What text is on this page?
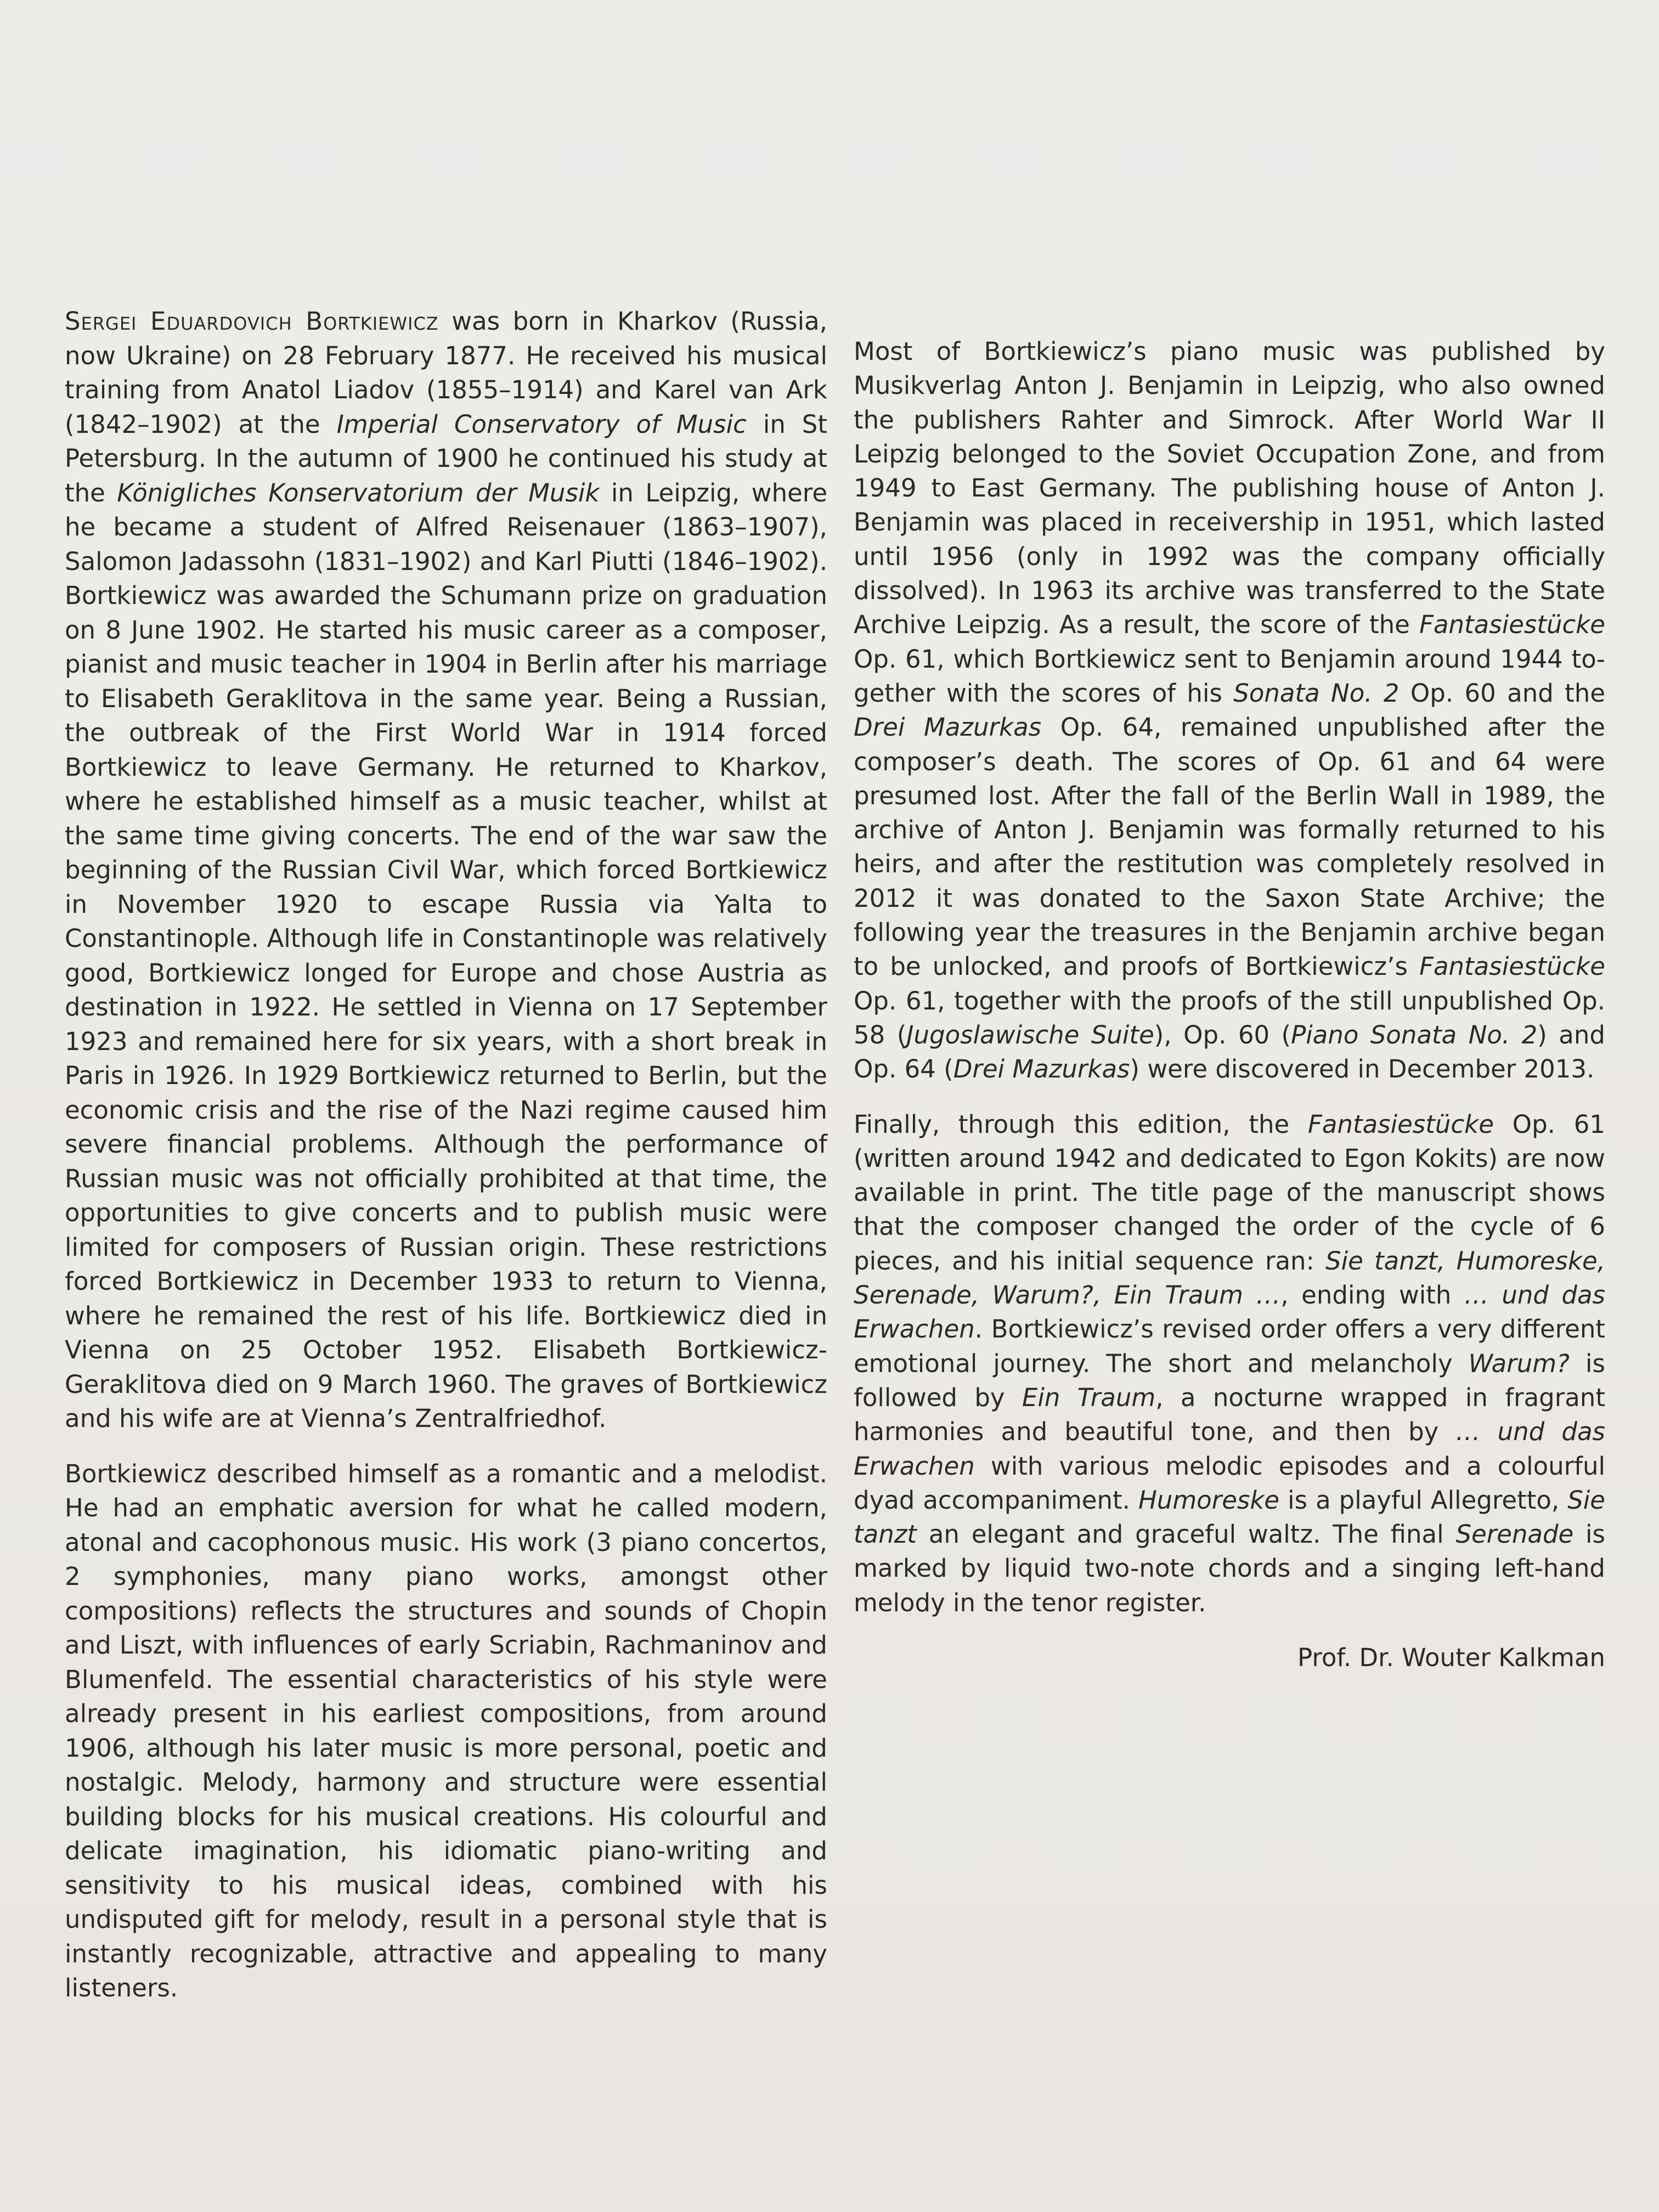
Sergei Eduardovich Bortkiewicz was born in Kharkov (Russia, now Ukraine) on 28 February 1877. He received his musical training from Anatol Liadov (1855–1914) and Karel van Ark (1842–1902) at the Imperial Conservatory of Music in St Petersburg. In the autumn of 1900 he continued his study at the Königliches Konservatorium der Musik in Leipzig, where he became a student of Alfred Reisenauer (1863–1907), Salomon Jadassohn (1831–1902) and Karl Piutti (1846–1902). Bortkiewicz was awarded the Schumann prize on graduation on 8 June 1902. He started his music career as a composer, pianist and music teacher in 1904 in Berlin after his marriage to Elisabeth Geraklitova in the same year. Being a Russian, the outbreak of the First World War in 1914 forced Bortkiewicz to leave Germany. He returned to Kharkov, where he established himself as a music teacher, whilst at the same time giving concerts. The end of the war saw the beginning of the Russian Civil War, which forced Bortkiewicz in November 1920 to escape Russia via Yalta to Constantinople. Although life in Constantinople was relatively good, Bortkiewicz longed for Europe and chose Austria as destination in 1922. He settled in Vienna on 17 September 1923 and remained here for six years, with a short break in Paris in 1926. In 1929 Bortkiewicz returned to Berlin, but the economic crisis and the rise of the Nazi regime caused him severe financial problems. Although the performance of Russian music was not officially prohibited at that time, the opportunities to give concerts and to publish music were limited for composers of Russian origin. These restrictions forced Bortkiewicz in December 1933 to return to Vienna, where he remained the rest of his life. Bortkiewicz died in Vienna on 25 October 1952. Elisabeth Bortkiewicz-Geraklitova died on 9 March 1960. The graves of Bortkiewicz and his wife are at Vienna’s Zentralfriedhof.

Bortkiewicz described himself as a romantic and a melodist. He had an emphatic aversion for what he called modern, atonal and cacophonous music. His work (3 piano concertos, 2 symphonies, many piano works, amongst other compositions) reflects the structures and sounds of Chopin and Liszt, with influences of early Scriabin, Rachmaninov and Blumenfeld. The essential characteristics of his style were already present in his earliest compositions, from around 1906, although his later music is more personal, poetic and nostalgic. Melody, harmony and structure were essential building blocks for his musical creations. His colourful and delicate imagination, his idiomatic piano-writing and sensitivity to his musical ideas, combined with his undisputed gift for melody, result in a personal style that is instantly recognizable, attractive and appealing to many listeners.

Most of Bortkiewicz’s piano music was published by Musikverlag Anton J. Benjamin in Leipzig, who also owned the publishers Rahter and Simrock. After World War II Leipzig belonged to the Soviet Occupation Zone, and from 1949 to East Germany. The publishing house of Anton J. Benjamin was placed in receivership in 1951, which lasted until 1956 (only in 1992 was the company officially dissolved). In 1963 its archive was transferred to the State Archive Leipzig. As a result, the score of the Fantasiestücke Op. 61, which Bortkiewicz sent to Benjamin around 1944 together with the scores of his Sonata No. 2 Op. 60 and the Drei Mazurkas Op. 64, remained unpublished after the composer’s death. The scores of Op. 61 and 64 were presumed lost. After the fall of the Berlin Wall in 1989, the archive of Anton J. Benjamin was formally returned to his heirs, and after the restitution was completely resolved in 2012 it was donated to the Saxon State Archive; the following year the treasures in the Benjamin archive began to be unlocked, and proofs of Bortkiewicz’s Fantasiestücke Op. 61, together with the proofs of the still unpublished Op. 58 (Jugoslawische Suite), Op. 60 (Piano Sonata No. 2) and Op. 64 (Drei Mazurkas) were discovered in December 2013.

Finally, through this edition, the Fantasiestücke Op. 61 (written around 1942 and dedicated to Egon Kokits) are now available in print. The title page of the manuscript shows that the composer changed the order of the cycle of 6 pieces, and his initial sequence ran: Sie tanzt, Humoreske, Serenade, Warum?, Ein Traum …, ending with … und das Erwachen. Bortkiewicz’s revised order offers a very different emotional journey. The short and melancholy Warum? is followed by Ein Traum, a nocturne wrapped in fragrant harmonies and beautiful tone, and then by … und das Erwachen with various melodic episodes and a colourful dyad accompaniment. Humoreske is a playful Allegretto, Sie tanzt an elegant and graceful waltz. The final Serenade is marked by liquid two-note chords and a singing left-hand melody in the tenor register.

Prof. Dr. Wouter Kalkman
